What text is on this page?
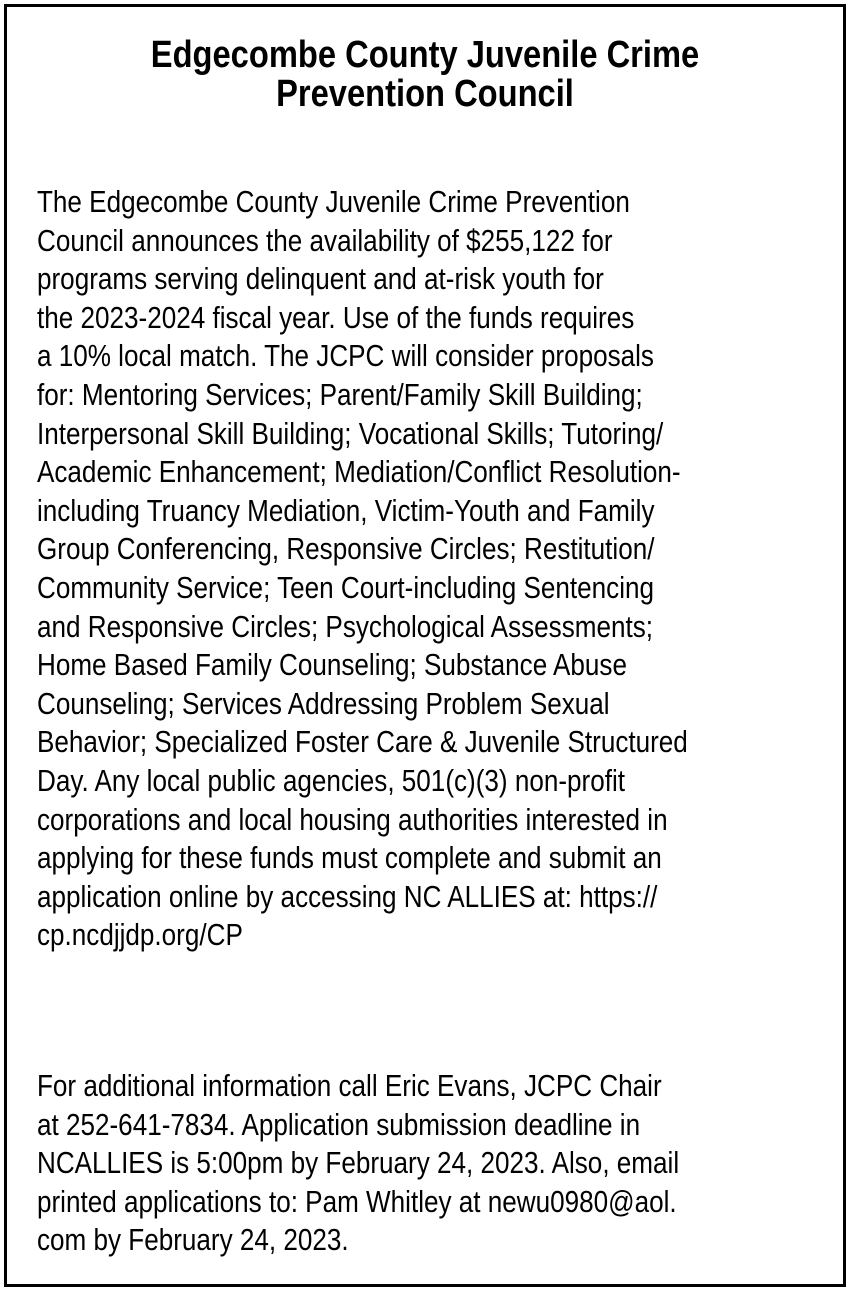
Edgecombe County Juvenile Crime
Prevention Council

The Edgecombe County Juvenile Crime Prevention
Council announces the availability of $255,122 for
programs serving delinquent and at-risk youth for
the 2023-2024 fiscal year. Use of the funds requires
a 10% local match. The JCPC will consider proposals
for: Mentoring Services; Parent/Family Skill Building;
Interpersonal Skill Building; Vocational Skills; Tutoring/
Academic Enhancement; Mediation/Conflict Resolution-
including Truancy Mediation, Victim-Youth and Family
Group Conferencing, Responsive Circles; Restitution/
Community Service; Teen Court-including Sentencing
and Responsive Circles; Psychological Assessments;
Home Based Family Counseling; Substance Abuse
Counseling; Services Addressing Problem Sexual
Behavior; Specialized Foster Care & Juvenile Structured
Day. Any local public agencies, 501(c)(3) non-profit
corporations and local housing authorities interested in
applying for these funds must complete and submit an
application online by accessing NC ALLIES at: https://
cp.ncdjjdp.org/CP

For additional information call Eric Evans, JCPC Chair
at 252-641-7834. Application submission deadline in
NCALLIES is 5:00pm by February 24, 2023. Also, email
printed applications to: Pam Whitley at newu0980@aol.
com by February 24, 2023.
